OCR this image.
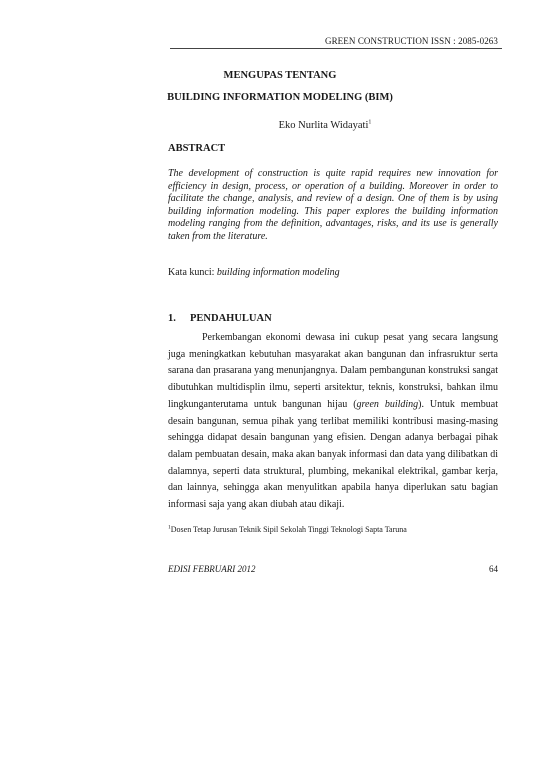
GREEN CONSTRUCTION ISSN : 2085-0263
MENGUPAS TENTANG
BUILDING INFORMATION MODELING (BIM)
Eko Nurlita Widayati$^1$
ABSTRACT

The development of construction is quite rapid requires new innovation for efficiency in design, process, or operation of a building. Moreover in order to facilitate the change, analysis, and review of a design. One of them is by using building information modeling. This paper explores the building information modeling ranging from the definition, advantages, risks, and its use is generally taken from the literature.

Kata kunci: building information modeling

1. PENDAHULUAN

Perkembangan ekonomi dewasa ini cukup pesat yang secara langsung juga meningkatkan kebutuhan masyarakat akan bangunan dan infrasruktur serta sarana dan prasarana yang menunjangnya. Dalam pembangunan konstruksi sangat dibutuhkan multidisplin ilmu, seperti arsitektur, teknis, konstruksi, bahkan ilmu lingkunganterutama untuk bangunan hijau (green building). Untuk membuat desain bangunan, semua pihak yang terlibat memiliki kontribusi masing-masing sehingga didapat desain bangunan yang efisien. Dengan adanya berbagai pihak dalam pembuatan desain, maka akan banyak informasi dan data yang dilibatkan di dalamnya, seperti data struktural, plumbing, mekanikal elektrikal, gambar kerja, dan lainnya, sehingga akan menyulitkan apabila hanya diperlukan satu bagian informasi saja yang akan diubah atau dikaji.

$^1$Dosen Tetap Jurusan Teknik Sipil Sekolah Tinggi Teknologi Sapta Taruna

EDISI FEBRUARI 2012	64
